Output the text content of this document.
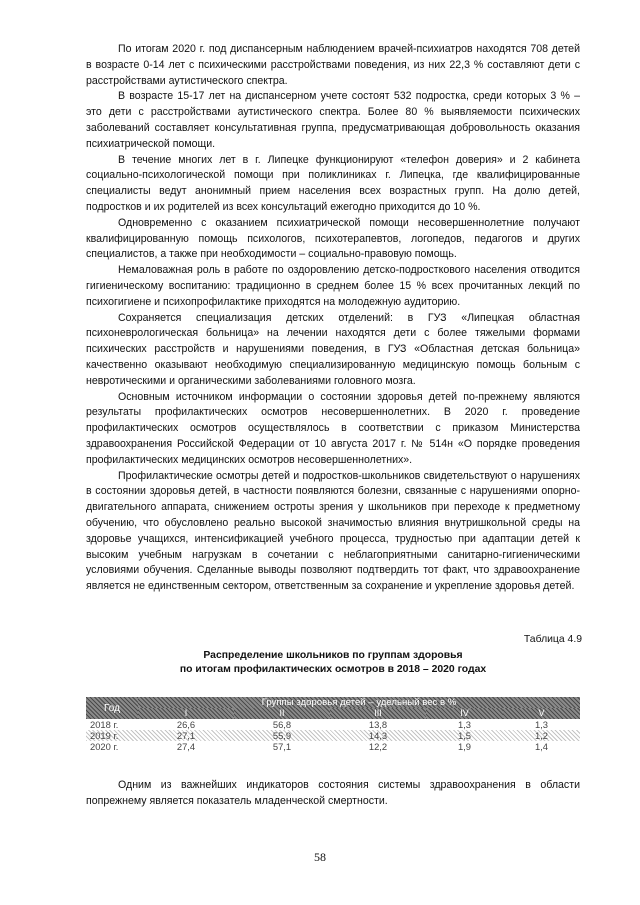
По итогам 2020 г. под диспансерным наблюдением врачей-психиатров находятся 708 детей в возрасте 0-14 лет с психическими расстройствами поведения, из них 22,3 % составляют дети с расстройствами аутистического спектра.

В возрасте 15-17 лет на диспансерном учете состоят 532 подростка, среди которых 3 % – это дети с расстройствами аутистического спектра. Более 80 % выявляемости психических заболеваний составляет консультативная группа, предусматривающая добровольность оказания психиатрической помощи.

В течение многих лет в г. Липецке функционируют «телефон доверия» и 2 кабинета социально-психологической помощи при поликлиниках г. Липецка, где квалифицированные специалисты ведут анонимный прием населения всех возрастных групп. На долю детей, подростков и их родителей из всех консультаций ежегодно приходится до 10 %.

Одновременно с оказанием психиатрической помощи несовершеннолетние получают квалифицированную помощь психологов, психотерапевтов, логопедов, педагогов и других специалистов, а также при необходимости – социально-правовую помощь.

Немаловажная роль в работе по оздоровлению детско-подросткового населения отводится гигиеническому воспитанию: традиционно в среднем более 15 % всех прочитанных лекций по психогигиене и психопрофилактике приходятся на молодежную аудиторию.

Сохраняется специализация детских отделений: в ГУЗ «Липецкая областная психоневрологическая больница» на лечении находятся дети с более тяжелыми формами психических расстройств и нарушениями поведения, в ГУЗ «Областная детская больница» качественно оказывают необходимую специализированную медицинскую помощь больным с невротическими и органическими заболеваниями головного мозга.

Основным источником информации о состоянии здоровья детей по-прежнему являются результаты профилактических осмотров несовершеннолетних. В 2020 г. проведение профилактических осмотров осуществлялось в соответствии с приказом Министерства здравоохранения Российской Федерации от 10 августа 2017 г. № 514н «О порядке проведения профилактических медицинских осмотров несовершеннолетних».

Профилактические осмотры детей и подростков-школьников свидетельствуют о нарушениях в состоянии здоровья детей, в частности появляются болезни, связанные с нарушениями опорно-двигательного аппарата, снижением остроты зрения у школьников при переходе к предметному обучению, что обусловлено реально высокой значимостью влияния внутришкольной среды на здоровье учащихся, интенсификацией учебного процесса, трудностью при адаптации детей к высоким учебным нагрузкам в сочетании с неблагоприятными санитарно-гигиеническими условиями обучения. Сделанные выводы позволяют подтвердить тот факт, что здравоохранение является не единственным сектором, ответственным за сохранение и укрепление здоровья детей.

Таблица 4.9
Распределение школьников по группам здоровья
по итогам профилактических осмотров в 2018 – 2020 годах
Год	Группы здоровья детей – удельный вес в %				
	I	II	III	IV	V
2018 г.	26,6	56,8	13,8	1,3	1,3
2019 г.	27,1	55,9	14,3	1,5	1,2
2020 г.	27,4	57,1	12,2	1,9	1,4

Одним из важнейших индикаторов состояния системы здравоохранения в области попрежнему является показатель младенческой смертности.

58
